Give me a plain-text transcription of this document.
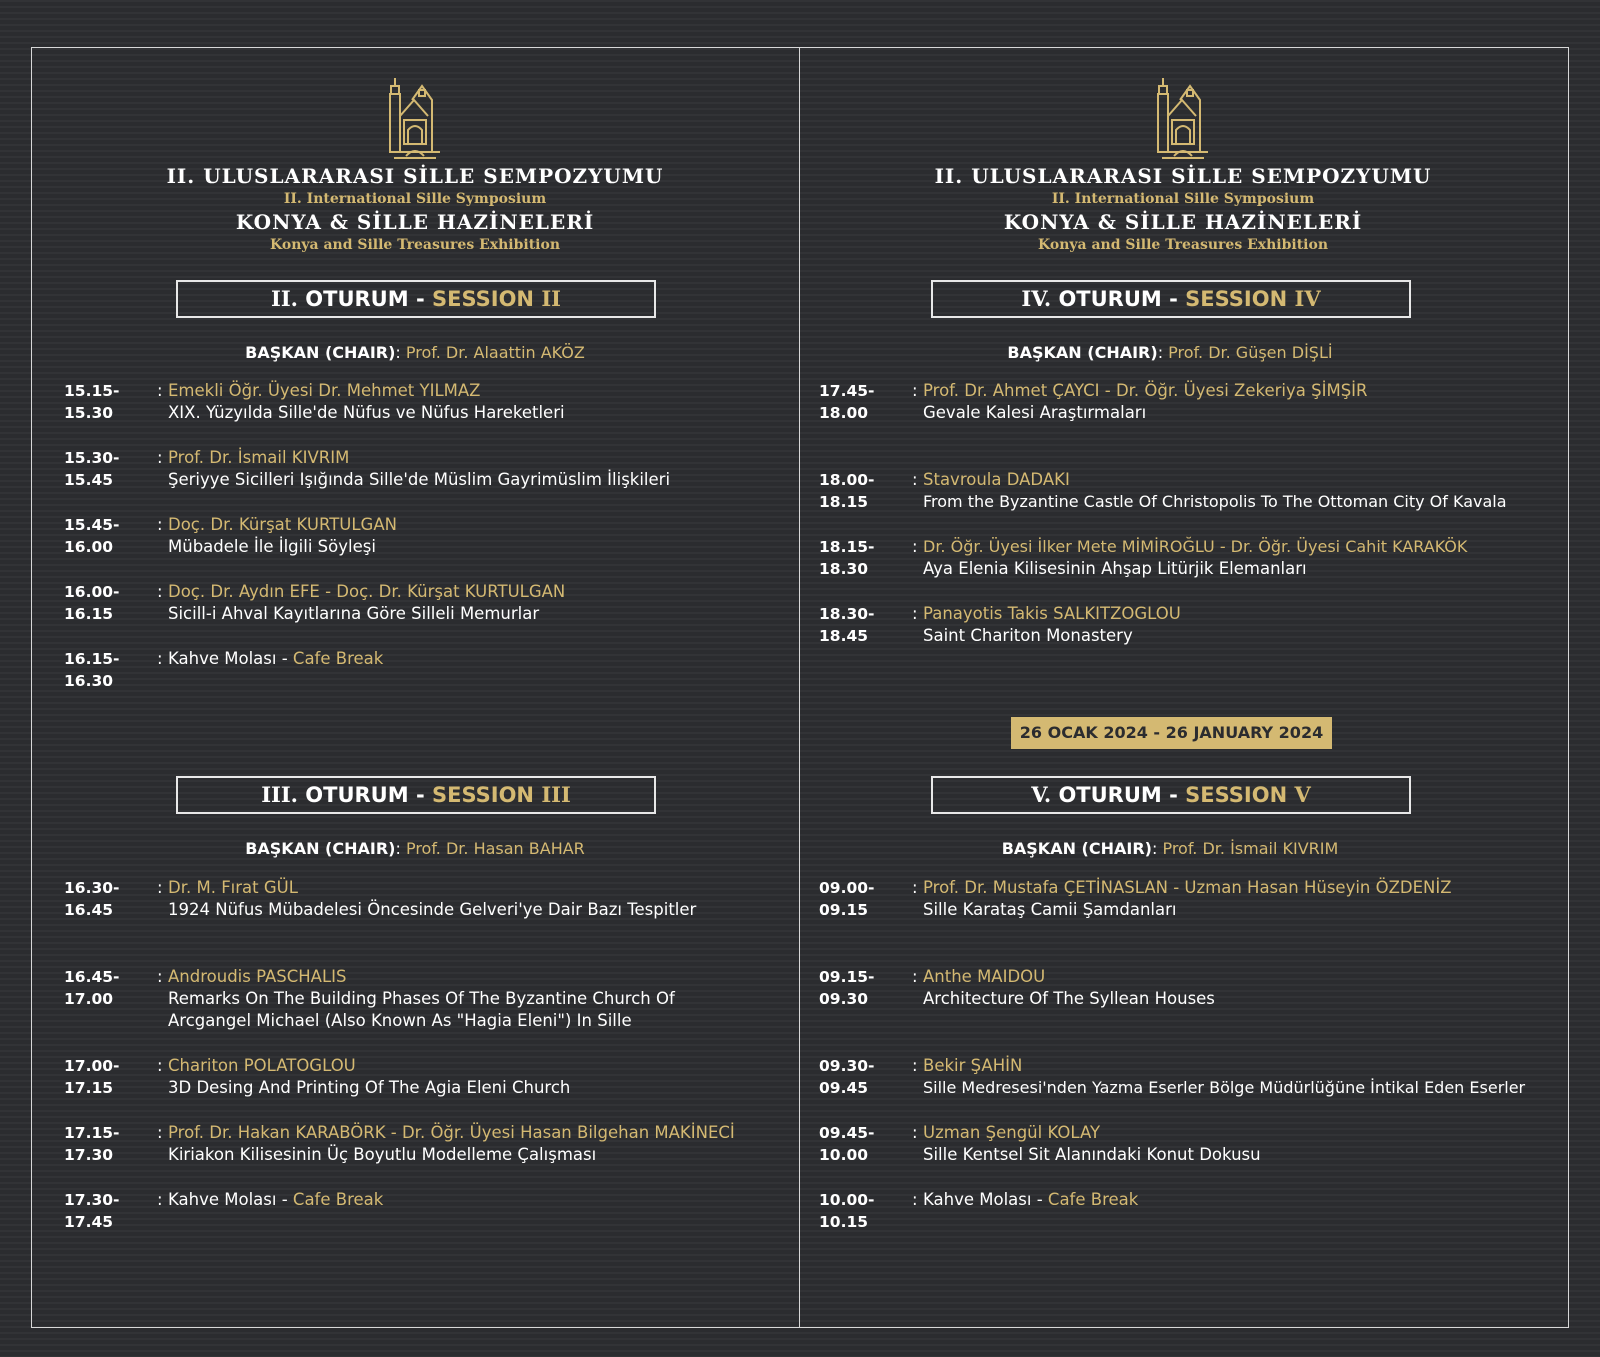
II. ULUSLARARASI SİLLE SEMPOZYUMU
II. International Sille Symposium
KONYA & SİLLE HAZİNELERİ
Konya and Sille Treasures Exhibition
II. OTURUM - SESSION II
BAŞKAN (CHAIR): Prof. Dr. Alaattin AKÖZ
15.15-15.30
: Emekli Öğr. Üyesi Dr. Mehmet YILMAZ
XIX. Yüzyılda Sille'de Nüfus ve Nüfus Hareketleri
15.30-15.45
: Prof. Dr. İsmail KIVRIM
Şeriyye Sicilleri Işığında Sille'de Müslim Gayrimüslim İlişkileri
15.45-16.00
: Doç. Dr. Kürşat KURTULGAN
Mübadele İle İlgili Söyleşi
16.00-16.15
: Doç. Dr. Aydın EFE - Doç. Dr. Kürşat KURTULGAN
Sicill-i Ahval Kayıtlarına Göre Silleli Memurlar
16.15-16.30
: Kahve Molası - Cafe Break
III. OTURUM - SESSION III
BAŞKAN (CHAIR): Prof. Dr. Hasan BAHAR
16.30-16.45
: Dr. M. Fırat GÜL
1924 Nüfus Mübadelesi Öncesinde Gelveri'ye Dair Bazı Tespitler
16.45-17.00
: Androudis PASCHALIS
Remarks On The Building Phases Of The Byzantine Church Of
Arcgangel Michael (Also Known As "Hagia Eleni") In Sille
17.00-17.15
: Chariton POLATOGLOU
3D Desing And Printing Of The Agia Eleni Church
17.15-17.30
: Prof. Dr. Hakan KARABÖRK - Dr. Öğr. Üyesi Hasan Bilgehan MAKİNECİ
Kiriakon Kilisesinin Üç Boyutlu Modelleme Çalışması
17.30-17.45
: Kahve Molası - Cafe Break
II. ULUSLARARASI SİLLE SEMPOZYUMU
II. International Sille Symposium
KONYA & SİLLE HAZİNELERİ
Konya and Sille Treasures Exhibition
IV. OTURUM - SESSION IV
BAŞKAN (CHAIR): Prof. Dr. Güşen DİŞLİ
17.45-18.00
: Prof. Dr. Ahmet ÇAYCI - Dr. Öğr. Üyesi Zekeriya ŞİMŞİR
Gevale Kalesi Araştırmaları
18.00-18.15
: Stavroula DADAKI
From the Byzantine Castle Of Christopolis To The Ottoman City Of Kavala
18.15-18.30
: Dr. Öğr. Üyesi İlker Mete MİMİROĞLU - Dr. Öğr. Üyesi Cahit KARAKÖK
Aya Elenia Kilisesinin Ahşap Litürjik Elemanları
18.30-18.45
: Panayotis Takis SALKITZOGLOU
Saint Chariton Monastery
26 OCAK 2024 - 26 JANUARY 2024
V. OTURUM - SESSION V
BAŞKAN (CHAIR): Prof. Dr. İsmail KIVRIM
09.00-09.15
: Prof. Dr. Mustafa ÇETİNASLAN - Uzman Hasan Hüseyin ÖZDENİZ
Sille Karataş Camii Şamdanları
09.15-09.30
: Anthe MAIDOU
Architecture Of The Syllean Houses
09.30-09.45
: Bekir ŞAHİN
Sille Medresesi'nden Yazma Eserler Bölge Müdürlüğüne İntikal Eden Eserler
09.45-10.00
: Uzman Şengül KOLAY
Sille Kentsel Sit Alanındaki Konut Dokusu
10.00-10.15
: Kahve Molası - Cafe Break
